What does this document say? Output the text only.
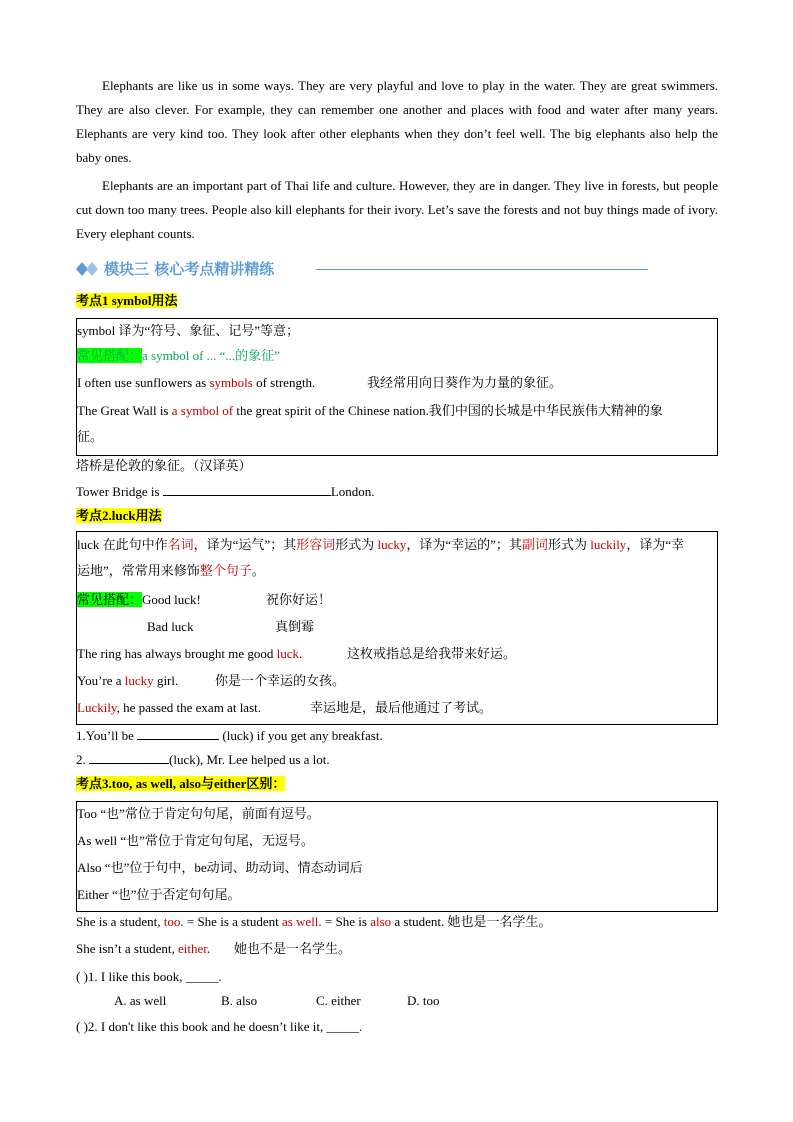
Elephants are like us in some ways. They are very playful and love to play in the water. They are great swimmers. They are also clever. For example, they can remember one another and places with food and water after many years. Elephants are very kind too. They look after other elephants when they don’t feel well. The big elephants also help the baby ones.

Elephants are an important part of Thai life and culture. However, they are in danger. They live in forests, but people cut down too many trees. People also kill elephants for their ivory. Let’s save the forests and not buy things made of ivory. Every elephant counts.

模块三 核心考点精讲精练
考点1 symbol用法
symbol 译为“符号、象征、记号”等意；
常见搭配：a symbol of ... “...的象征”
I often use sunflowers as symbols of strength.	我经常用向日葵作为力量的象征。
The Great Wall is a symbol of the great spirit of the Chinese nation.我们中国的长城是中华民族伟大精神的象
征。
塔桥是伦敦的象征。（汉译英）
Tower Bridge is	London.
考点2.luck用法
luck 在此句中作名词，译为“运气”；其形容词形式为 lucky，译为“幸运的”；其副词形式为 luckily，译为“幸
运地”，常常用来修饰整个句子。
常见搭配：Good luck!	祝你好运！
Bad luck	真倒霉
The ring has always brought me good luck.	这枚戒指总是给我带来好运。
You’re a lucky girl.	你是一个幸运的女孩。
Luckily, he passed the exam at last.	幸运地是，最后他通过了考试。
1.You’ll be	(luck) if you get any breakfast.
2.	(luck), Mr. Lee helped us a lot.
考点3.too, as well, also与either区别：
Too “也”常位于肯定句句尾，前面有逗号。
As well “也”常位于肯定句句尾，无逗号。
Also “也”位于句中，be动词、助动词、情态动词后
Either “也”位于否定句句尾。
She is a student, too. = She is a student as well. = She is also a student. 她也是一名学生。
She isn’t a student, either. 她也不是一名学生。
( )1. I like this book, _____.
A. as well	B. also	C. either	D. too
( )2. I don't like this book and he doesn’t like it, _____.
